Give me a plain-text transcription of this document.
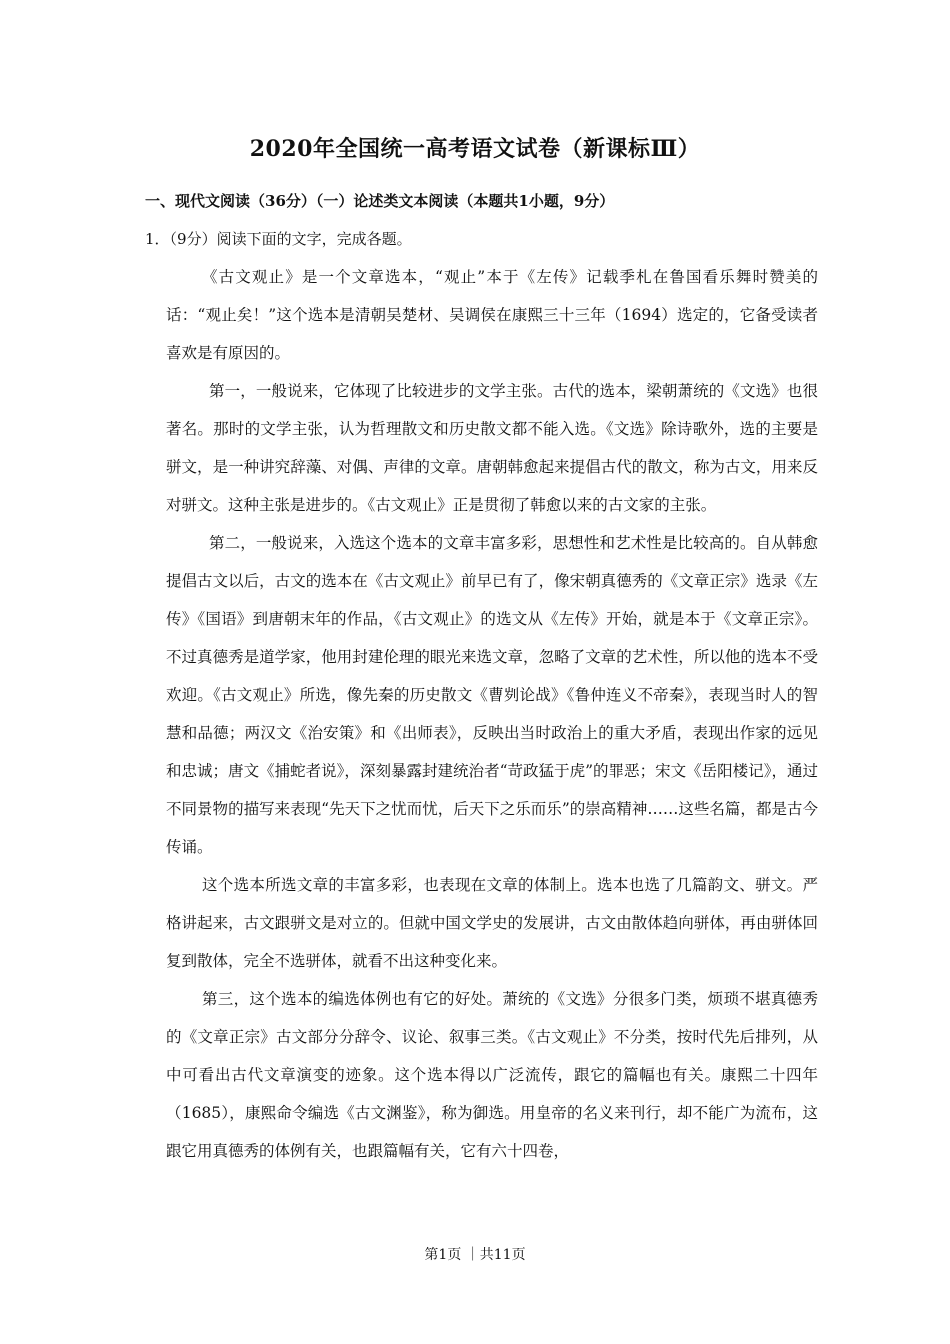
2020年全国统一高考语文试卷（新课标Ⅲ）
一、现代文阅读（36分）（一）论述类文本阅读（本题共1小题，9分）
1．（9分）阅读下面的文字，完成各题。

《古文观止》是一个文章选本，“观止”本于《左传》记载季札在鲁国看乐舞时赞美的话：“观止矣！”这个选本是清朝吴楚材、吴调侯在康熙三十三年（1694）选定的，它备受读者喜欢是有原因的。

第一，一般说来，它体现了比较进步的文学主张。古代的选本，梁朝萧统的《文选》也很著名。那时的文学主张，认为哲理散文和历史散文都不能入选。《文选》除诗歌外，选的主要是骈文，是一种讲究辞藻、对偶、声律的文章。唐朝韩愈起来提倡古代的散文，称为古文，用来反对骈文。这种主张是进步的。《古文观止》正是贯彻了韩愈以来的古文家的主张。

第二，一般说来，入选这个选本的文章丰富多彩，思想性和艺术性是比较高的。自从韩愈提倡古文以后，古文的选本在《古文观止》前早已有了，像宋朝真德秀的《文章正宗》选录《左传》《国语》到唐朝末年的作品，《古文观止》的选文从《左传》开始，就是本于《文章正宗》。不过真德秀是道学家，他用封建伦理的眼光来选文章，忽略了文章的艺术性，所以他的选本不受欢迎。《古文观止》所选，像先秦的历史散文《曹刿论战》《鲁仲连义不帝秦》，表现当时人的智慧和品德；两汉文《治安策》和《出师表》，反映出当时政治上的重大矛盾，表现出作家的远见和忠诚；唐文《捕蛇者说》，深刻暴露封建统治者“苛政猛于虎”的罪恶；宋文《岳阳楼记》，通过不同景物的描写来表现“先天下之忧而忧，后天下之乐而乐”的崇高精神……这些名篇，都是古今传诵。

这个选本所选文章的丰富多彩，也表现在文章的体制上。选本也选了几篇韵文、骈文。严格讲起来，古文跟骈文是对立的。但就中国文学史的发展讲，古文由散体趋向骈体，再由骈体回复到散体，完全不选骈体，就看不出这种变化来。

第三，这个选本的编选体例也有它的好处。萧统的《文选》分很多门类，烦琐不堪真德秀的《文章正宗》古文部分分辞令、议论、叙事三类。《古文观止》不分类，按时代先后排列，从中可看出古代文章演变的迹象。这个选本得以广泛流传，跟它的篇幅也有关。康熙二十四年（1685），康熙命令编选《古文渊鉴》，称为御选。用皇帝的名义来刊行，却不能广为流布，这跟它用真德秀的体例有关，也跟篇幅有关，它有六十四卷，

第1页 ｜共11页
